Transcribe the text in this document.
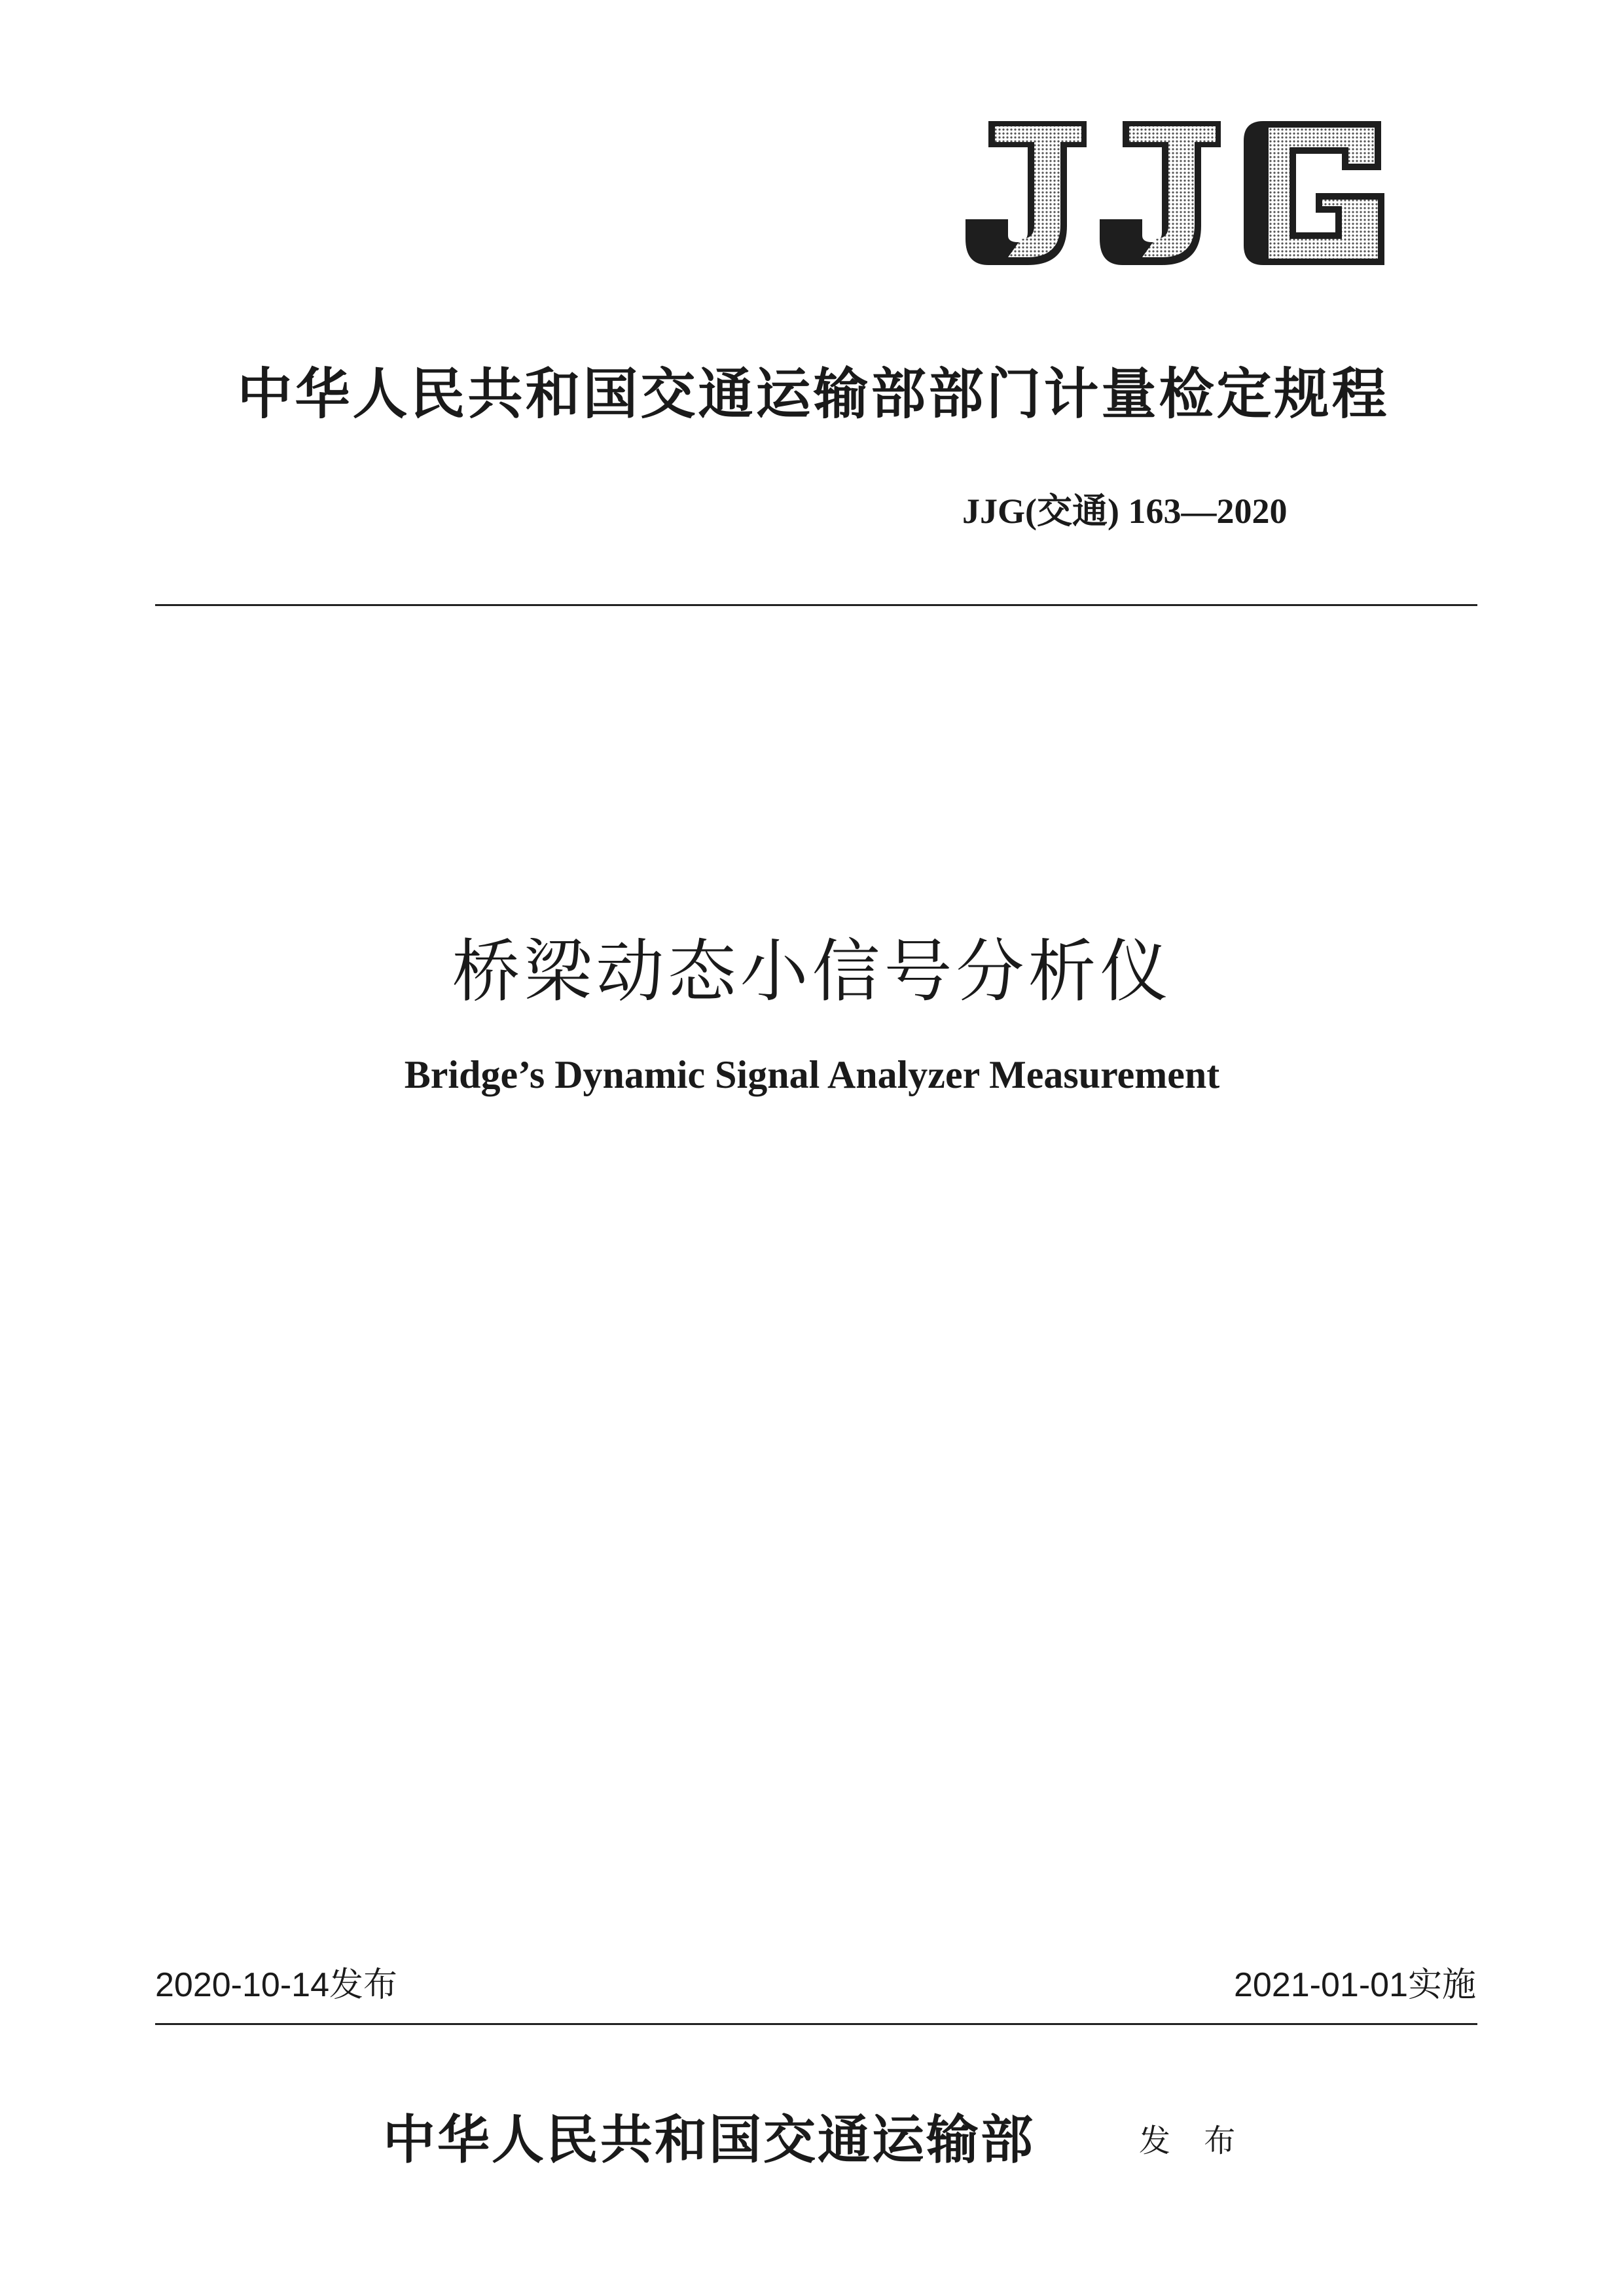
中华人民共和国交通运输部部门计量检定规程
JJG(交通) 163—2020
桥梁动态小信号分析仪
Bridge’s Dynamic Signal Analyzer Measurement
2020-10-14发布	2021-01-01实施
中华人民共和国交通运输部	发 布
